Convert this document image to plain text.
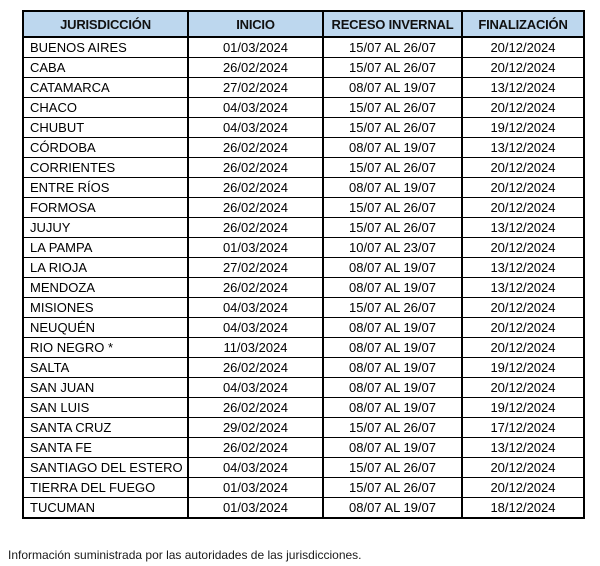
JURISDICCIÓN	INICIO	RECESO INVERNAL	FINALIZACIÓN
BUENOS AIRES	01/03/2024	15/07 AL 26/07	20/12/2024
CABA	26/02/2024	15/07 AL 26/07	20/12/2024
CATAMARCA	27/02/2024	08/07 AL 19/07	13/12/2024
CHACO	04/03/2024	15/07 AL 26/07	20/12/2024
CHUBUT	04/03/2024	15/07 AL 26/07	19/12/2024
CÓRDOBA	26/02/2024	08/07 AL 19/07	13/12/2024
CORRIENTES	26/02/2024	15/07 AL 26/07	20/12/2024
ENTRE RÍOS	26/02/2024	08/07 AL 19/07	20/12/2024
FORMOSA	26/02/2024	15/07 AL 26/07	20/12/2024
JUJUY	26/02/2024	15/07 AL 26/07	13/12/2024
LA PAMPA	01/03/2024	10/07 AL 23/07	20/12/2024
LA RIOJA	27/02/2024	08/07 AL 19/07	13/12/2024
MENDOZA	26/02/2024	08/07 AL 19/07	13/12/2024
MISIONES	04/03/2024	15/07 AL 26/07	20/12/2024
NEUQUÉN	04/03/2024	08/07 AL 19/07	20/12/2024
RIO NEGRO *	11/03/2024	08/07 AL 19/07	20/12/2024
SALTA	26/02/2024	08/07 AL 19/07	19/12/2024
SAN JUAN	04/03/2024	08/07 AL 19/07	20/12/2024
SAN LUIS	26/02/2024	08/07 AL 19/07	19/12/2024
SANTA CRUZ	29/02/2024	15/07 AL 26/07	17/12/2024
SANTA FE	26/02/2024	08/07 AL 19/07	13/12/2024
SANTIAGO DEL ESTERO	04/03/2024	15/07 AL 26/07	20/12/2024
TIERRA DEL FUEGO	01/03/2024	15/07 AL 26/07	20/12/2024
TUCUMAN	01/03/2024	08/07 AL 19/07	18/12/2024
Información suministrada por las autoridades de las jurisdicciones.
